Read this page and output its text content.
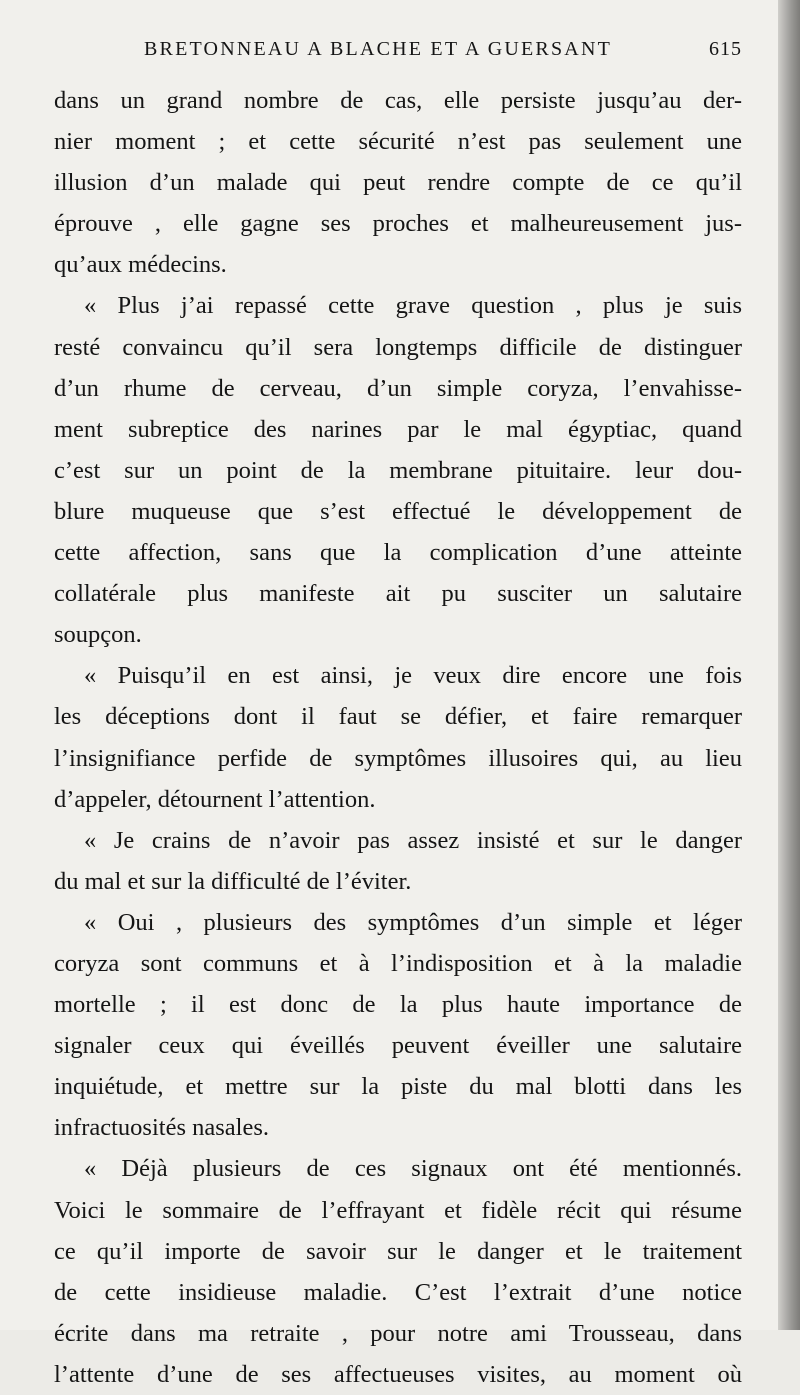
BRETONNEAU A BLACHE ET A GUERSANT	615
dans un grand nombre de cas, elle persiste jusqu’au der-
nier moment ; et cette sécurité n’est pas seulement une
illusion d’un malade qui peut rendre compte de ce qu’il
éprouve , elle gagne ses proches et malheureusement jus-
qu’aux médecins.
« Plus j’ai repassé cette grave question , plus je suis
resté convaincu qu’il sera longtemps difficile de distinguer
d’un rhume de cerveau, d’un simple coryza, l’envahisse-
ment subreptice des narines par le mal égyptiac, quand
c’est sur un point de la membrane pituitaire. leur dou-
blure muqueuse que s’est effectué le développement de
cette affection, sans que la complication d’une atteinte
collatérale plus manifeste ait pu susciter un salutaire
soupçon.
« Puisqu’il en est ainsi, je veux dire encore une fois
les déceptions dont il faut se défier, et faire remarquer
l’insignifiance perfide de symptômes illusoires qui, au lieu
d’appeler, détournent l’attention.
« Je crains de n’avoir pas assez insisté et sur le danger
du mal et sur la difficulté de l’éviter.
« Oui , plusieurs des symptômes d’un simple et léger
coryza sont communs et à l’indisposition et à la maladie
mortelle ; il est donc de la plus haute importance de
signaler ceux qui éveillés peuvent éveiller une salutaire
inquiétude, et mettre sur la piste du mal blotti dans les
infractuosités nasales.
« Déjà plusieurs de ces signaux ont été mentionnés.
Voici le sommaire de l’effrayant et fidèle récit qui résume
ce qu’il importe de savoir sur le danger et le traitement
de cette insidieuse maladie. C’est l’extrait d’une notice
écrite dans ma retraite , pour notre ami Trousseau, dans
l’attente d’une de ses affectueuses visites, au moment où
